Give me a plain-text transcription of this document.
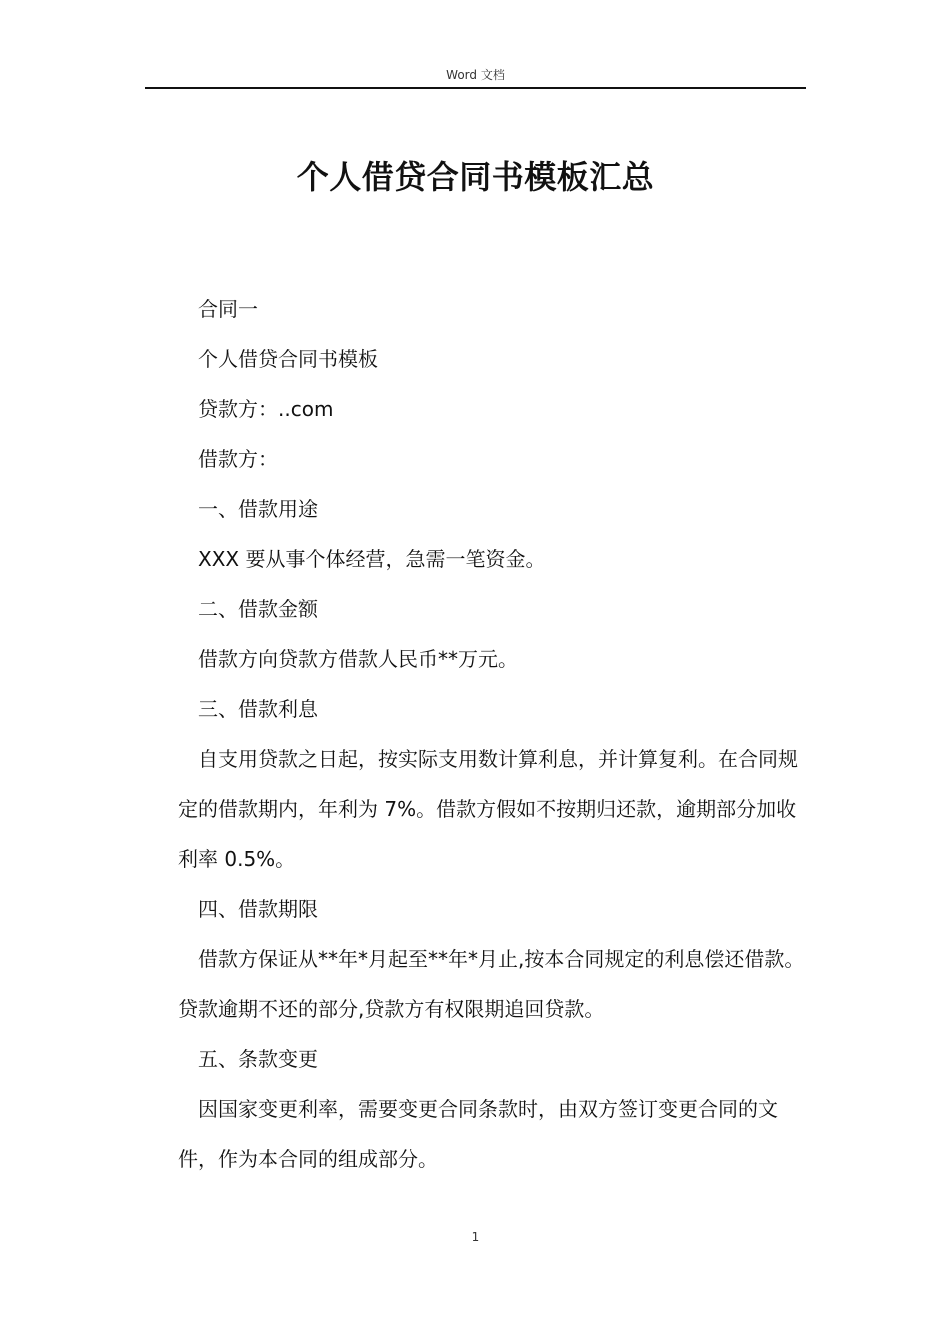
Word 文档
个人借贷合同书模板汇总

合同一

个人借贷合同书模板

贷款方：..com

借款方：

一、借款用途

XXX 要从事个体经营，急需一笔资金。

二、借款金额

借款方向贷款方借款人民币**万元。

三、借款利息

自支用贷款之日起，按实际支用数计算利息，并计算复利。在合同规定的借款期内，年利为 7%。借款方假如不按期归还款，逾期部分加收利率 0.5%。

四、借款期限

借款方保证从**年*月起至**年*月止,按本合同规定的利息偿还借款。贷款逾期不还的部分,贷款方有权限期追回贷款。

五、条款变更

因国家变更利率，需要变更合同条款时，由双方签订变更合同的文件，作为本合同的组成部分。

1
